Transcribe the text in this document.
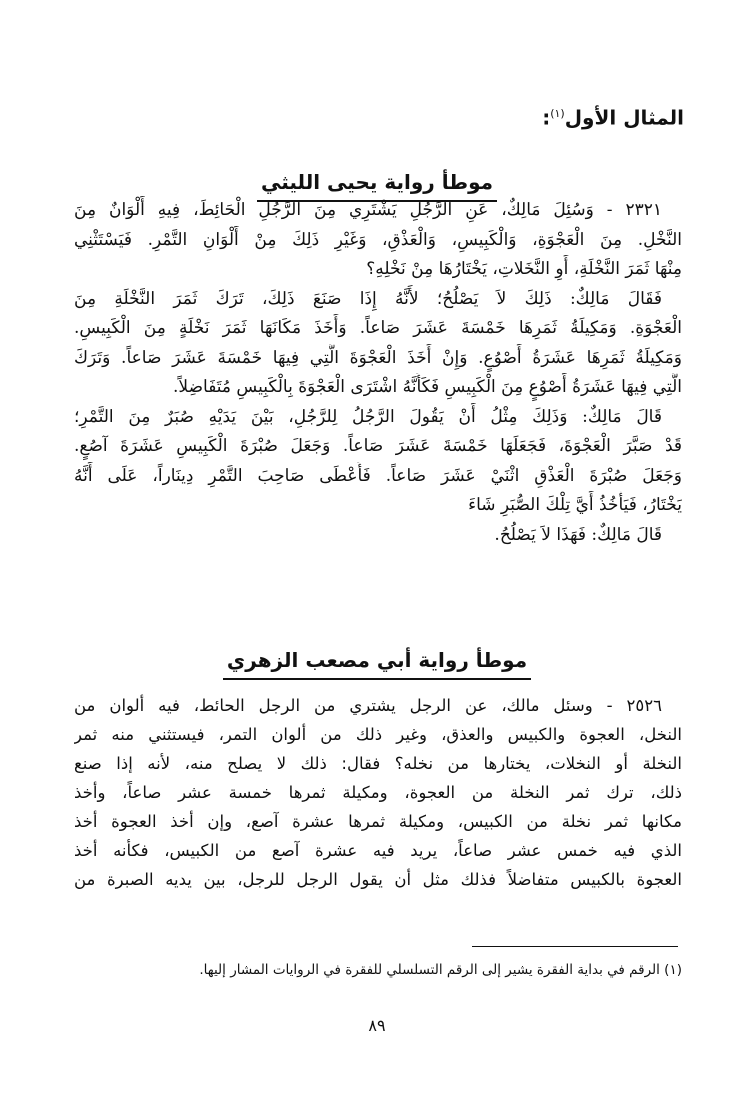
المثال الأول$^{(١)}$:
موطأ رواية يحيى الليثي
٢٣٢١ - وَسُئِلَ مَالِكٌ، عَنِ الرَّجُلِ يَشْتَرِي مِنَ الرَّجُلِ الْحَائِطَ، فِيهِ أَلْوَانٌ مِنَ
النَّخْلِ. مِنَ الْعَجْوَةِ، وَالْكَبِيسِ، وَالْعَذْقِ، وَغَيْرِ ذَلِكَ مِنْ أَلْوَانِ التَّمْرِ. فَيَسْتَثْنِي
مِنْهَا ثَمَرَ النَّخْلَةِ، أَوِ النَّخَلاتِ، يَخْتَارُهَا مِنْ نَخْلِهِ؟
فَقَالَ مَالِكٌ: ذَلِكَ لاَ يَصْلُحُ؛ لأَنَّهُ إِذَا صَنَعَ ذَلِكَ، تَرَكَ ثَمَرَ النَّخْلَةِ مِنَ
الْعَجْوَةِ. وَمَكِيلَةُ ثَمَرِهَا خَمْسَةَ عَشَرَ صَاعاً. وَأَخَذَ مَكَانَهَا ثَمَرَ نَخْلَةٍ مِنَ الْكَبِيسِ.
وَمَكِيلَةُ ثَمَرِهَا عَشَرَةُ أَصْوُعٍ. وَإِنْ أَخَذَ الْعَجْوَةَ الَّتِي فِيهَا خَمْسَةَ عَشَرَ صَاعاً. وَتَرَكَ
الَّتِي فِيهَا عَشَرَةُ أَصْوُعٍ مِنَ الْكَبِيسِ فَكَأَنَّهُ اشْتَرَى الْعَجْوَةَ بِالْكَبِيسِ مُتَفَاضِلاً.
قَالَ مَالِكٌ: وَذَلِكَ مِثْلُ أَنْ يَقُولَ الرَّجُلُ لِلرَّجُلِ، بَيْنَ يَدَيْهِ صُبَرٌ مِنَ التَّمْرِ؛
قَدْ صَبَّرَ الْعَجْوَةَ، فَجَعَلَهَا خَمْسَةَ عَشَرَ صَاعاً. وَجَعَلَ صُبْرَةَ الْكَبِيسِ عَشَرَةَ آصُعٍ.
وَجَعَلَ صُبْرَةَ الْعَذْقِ اثْنَيْ عَشَرَ صَاعاً. فَأَعْطَى صَاحِبَ التَّمْرِ دِينَاراً، عَلَى أَنَّهُ
يَخْتَارُ، فَيَأْخُذُ أَيَّ تِلْكَ الصُّبَرِ شَاءَ
قَالَ مَالِكٌ: فَهَذَا لاَ يَصْلُحُ.
موطأ رواية أبي مصعب الزهري
٢٥٢٦ - وسئل مالك، عن الرجل يشتري من الرجل الحائط، فيه ألوان من
النخل، العجوة والكبيس والعذق، وغير ذلك من ألوان التمر، فيستثني منه ثمر
النخلة أو النخلات، يختارها من نخله؟ فقال: ذلك لا يصلح منه، لأنه إذا صنع
ذلك، ترك ثمر النخلة من العجوة، ومكيلة ثمرها خمسة عشر صاعاً، وأخذ
مكانها ثمر نخلة من الكبيس، ومكيلة ثمرها عشرة آصع، وإن أخذ العجوة أخذ
الذي فيه خمس عشر صاعاً، يريد فيه عشرة آصع من الكبيس، فكأنه أخذ
العجوة بالكبيس متفاضلاً فذلك مثل أن يقول الرجل للرجل، بين يديه الصبرة من
(١) الرقم في بداية الفقرة يشير إلى الرقم التسلسلي للفقرة في الروايات المشار إليها.
٨٩
